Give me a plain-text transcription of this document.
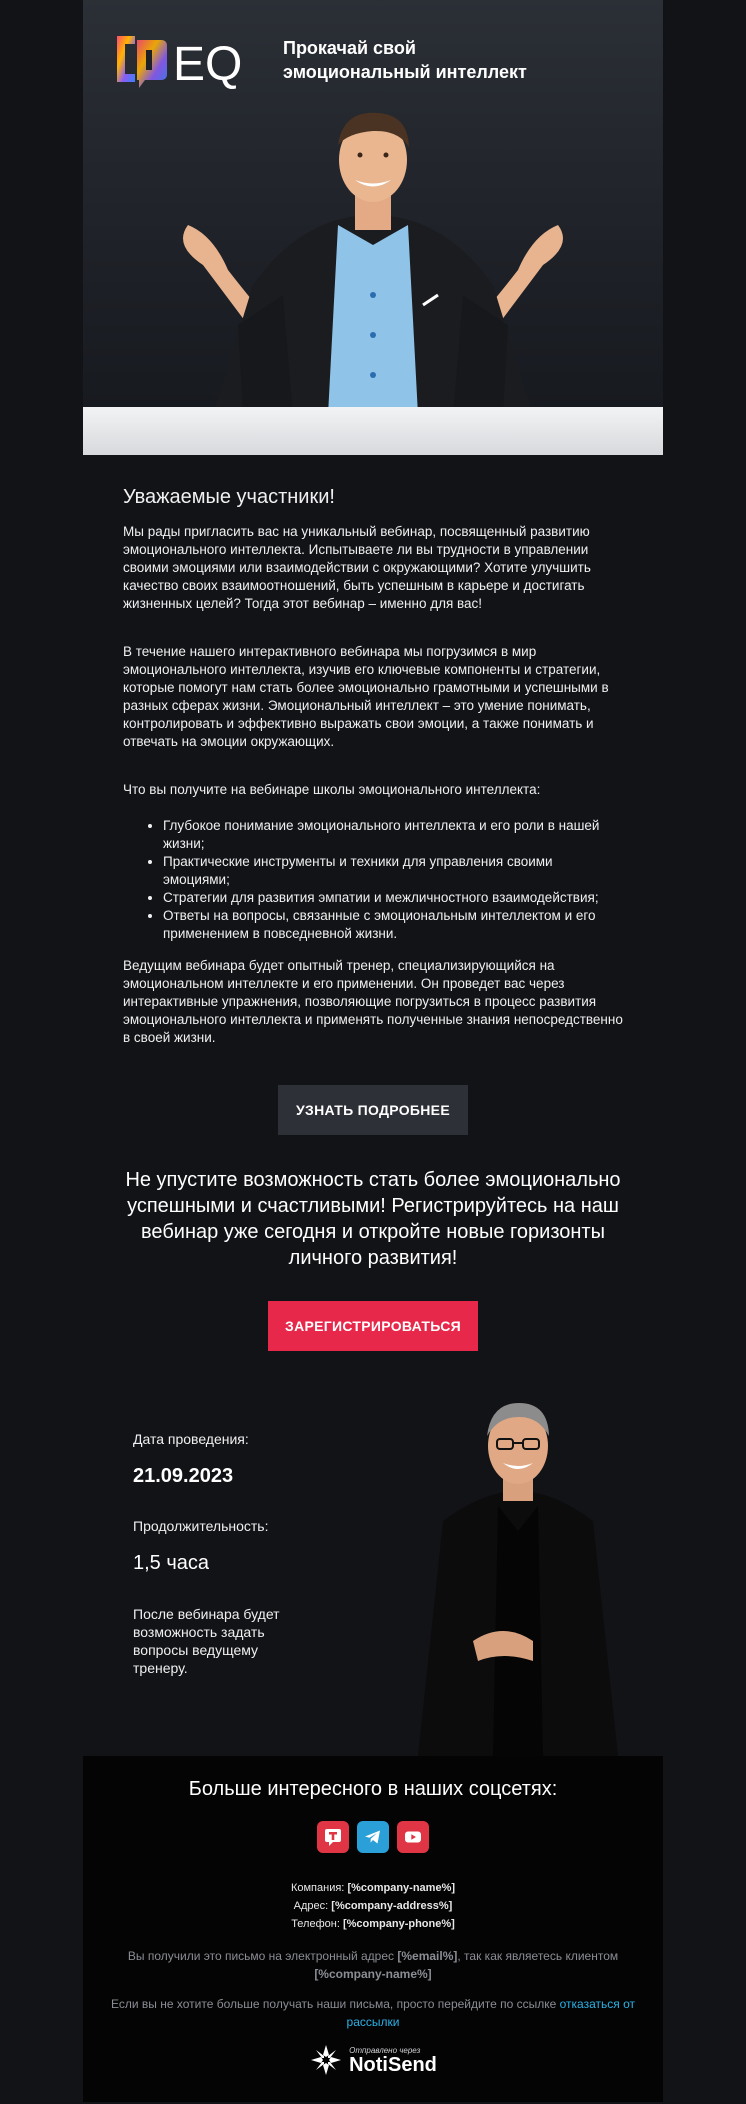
EQ Прокачай свой
эмоциональный интеллект
Уважаемые участники!

Мы рады пригласить вас на уникальный вебинар, посвященный развитию эмоционального интеллекта. Испытываете ли вы трудности в управлении своими эмоциями или взаимодействии с окружающими? Хотите улучшить качество своих взаимоотношений, быть успешным в карьере и достигать жизненных целей? Тогда этот вебинар – именно для вас!

В течение нашего интерактивного вебинара мы погрузимся в мир эмоционального интеллекта, изучив его ключевые компоненты и стратегии, которые помогут нам стать более эмоционально грамотными и успешными в разных сферах жизни. Эмоциональный интеллект – это умение понимать, контролировать и эффективно выражать свои эмоции, а также понимать и отвечать на эмоции окружающих.

Что вы получите на вебинаре школы эмоционального интеллекта:

• Глубокое понимание эмоционального интеллекта и его роли в нашей жизни;
• Практические инструменты и техники для управления своими эмоциями;
• Стратегии для развития эмпатии и межличностного взаимодействия;
• Ответы на вопросы, связанные с эмоциональным интеллектом и его применением в повседневной жизни.

Ведущим вебинара будет опытный тренер, специализирующийся на эмоциональном интеллекте и его применении. Он проведет вас через интерактивные упражнения, позволяющие погрузиться в процесс развития эмоционального интеллекта и применять полученные знания непосредственно в своей жизни.

УЗНАТЬ ПОДРОБНЕЕ
Не упустите возможность стать более эмоционально успешными и счастливыми! Регистрируйтесь на наш вебинар уже сегодня и откройте новые горизонты личного развития!
ЗАРЕГИСТРИРОВАТЬСЯ
Дата проведения:
21.09.2023
Продолжительность:
1,5 часа
После вебинара будет возможность задать вопросы ведущему тренеру.
Больше интересного в наших соцсетях:
Компания: [%company-name%]
Адрес: [%company-address%]
Телефон: [%company-phone%]

Вы получили это письмо на электронный адрес [%email%], так как являетесь клиентом
[%company-name%]

Если вы не хотите больше получать наши письма, просто перейдите по ссылке отказаться от рассылки

Отправлено через
NotiSend
